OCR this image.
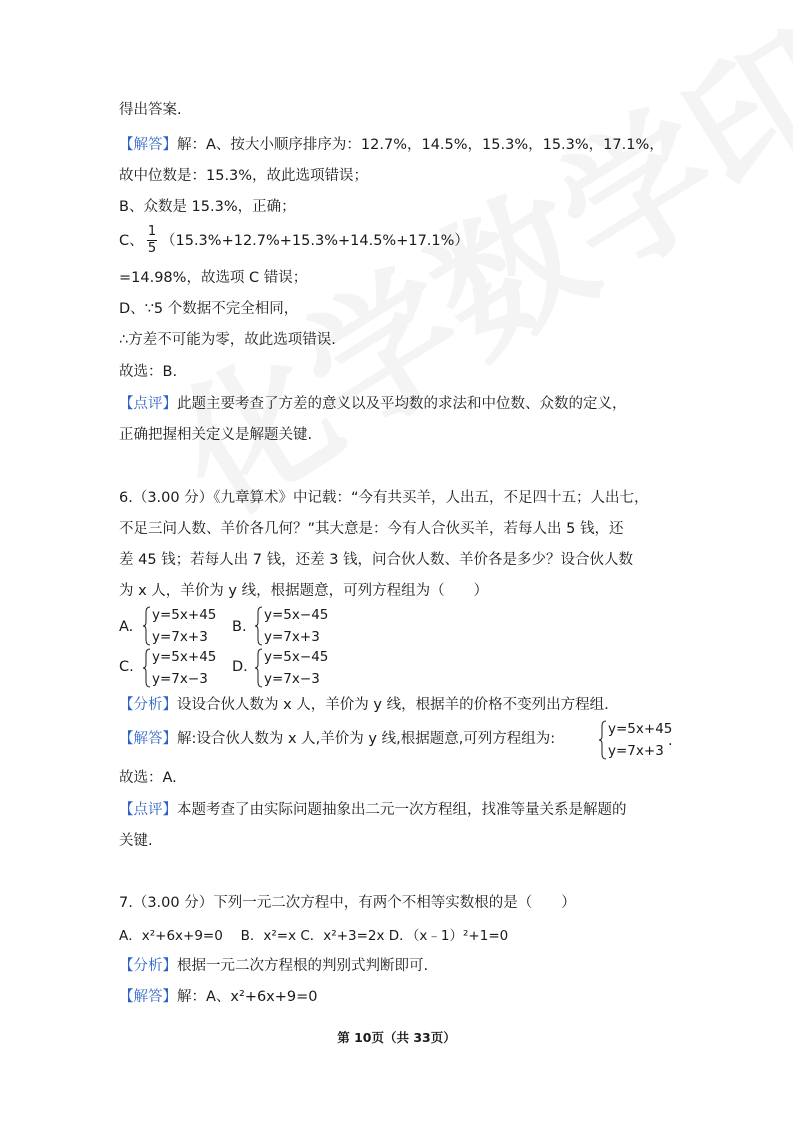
得出答案.
【解答】解：A、按大小顺序排序为：12.7%，14.5%，15.3%，15.3%，17.1%，
故中位数是：15.3%，故此选项错误；
B、众数是 15.3%，正确；
C、
1
5 （15.3%+12.7%+15.3%+14.5%+17.1%）
=14.98%，故选项 C 错误；
D、∵5 个数据不完全相同，
∴方差不可能为零，故此选项错误.
故选：B.
【点评】此题主要考查了方差的意义以及平均数的求法和中位数、众数的定义，
正确把握相关定义是解题关键.
6.（3.00 分）《九章算术》中记载：“今有共买羊，人出五，不足四十五；人出七，
不足三问人数、羊价各几何？”其大意是：今有人合伙买羊，若每人出 5 钱，还
差 45 钱；若每人出 7 钱，还差 3 钱，问合伙人数、羊价各是多少？设合伙人数
为 x 人，羊价为 y 线，根据题意，可列方程组为（　　）
A.
y=5x+45
y=7x+3
B.
y=5x−45
y=7x+3
C.
y=5x+45
y=7x−3
D.
y=5x−45
y=7x−3
【分析】设设合伙人数为 x 人，羊价为 y 线，根据羊的价格不变列出方程组.
【解答】解:设合伙人数为 x 人,羊价为 y 线,根据题意,可列方程组为:
y=5x+45
y=7x+3
.
故选：A.
【点评】本题考查了由实际问题抽象出二元一次方程组，找准等量关系是解题的
关键.
7.（3.00 分）下列一元二次方程中，有两个不相等实数根的是（　　）
A．x²+6x+9=0　 B．x²=x C．x²+3=2x D．（x﹣1）²+1=0
【分析】根据一元二次方程根的判别式判断即可.
【解答】解：A、x²+6x+9=0
第 10页（共 33页）
